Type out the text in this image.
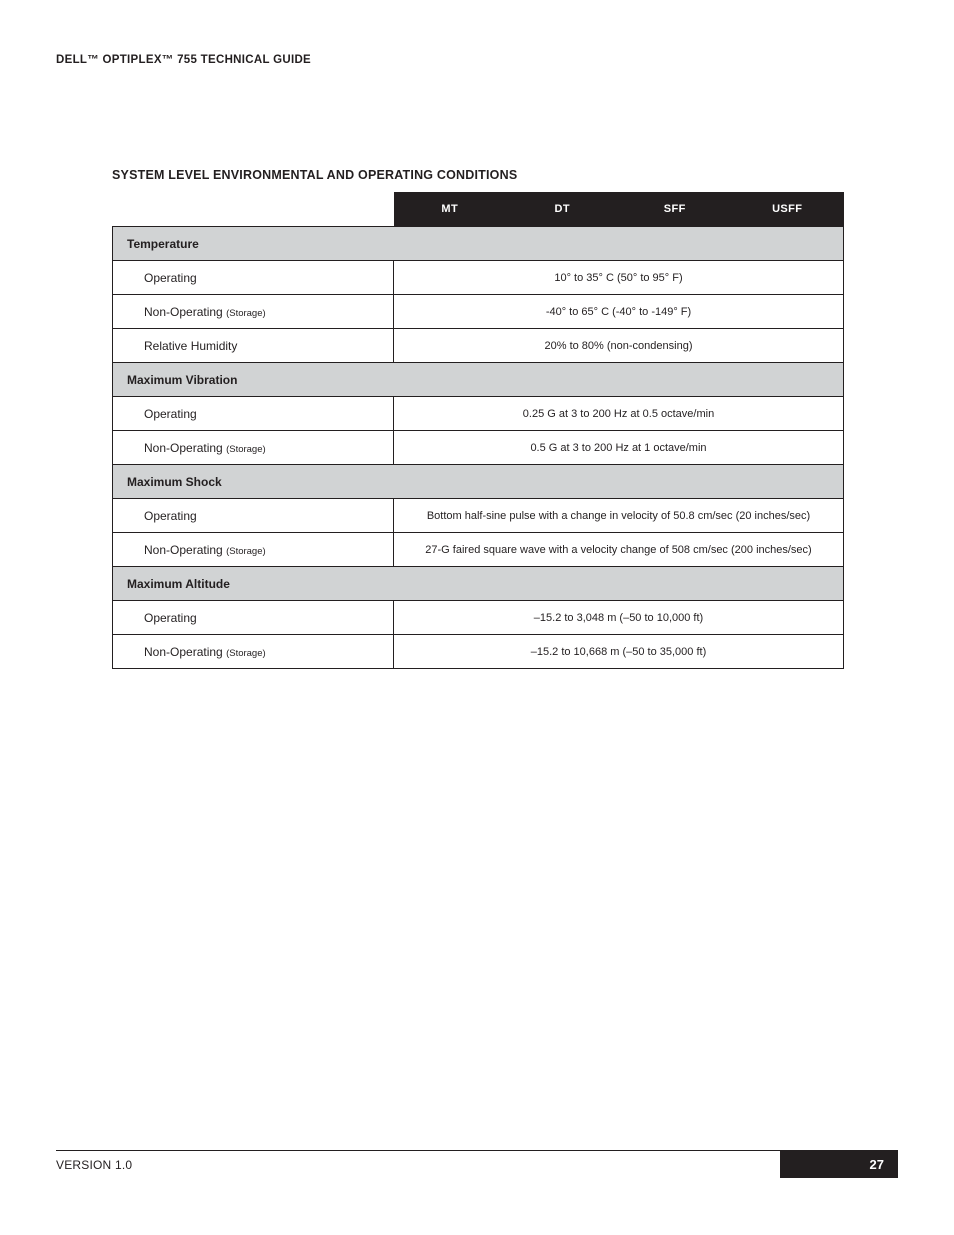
DELL™ OPTIPLEX™ 755 TECHNICAL GUIDE
SYSTEM LEVEL ENVIRONMENTAL AND OPERATING CONDITIONS

	MT DT SFF USFF

Temperature	
Operating	10° to 35° C (50° to 95° F)
Non-Operating (Storage)	-40° to 65° C (-40° to -149° F)
Relative Humidity	20% to 80% (non-condensing)
Maximum Vibration	
Operating	0.25 G at 3 to 200 Hz at 0.5 octave/min
Non-Operating (Storage)	0.5 G at 3 to 200 Hz at 1 octave/min
Maximum Shock	
Operating	Bottom half-sine pulse with a change in velocity of 50.8 cm/sec (20 inches/sec)
Non-Operating (Storage)	27-G faired square wave with a velocity change of 508 cm/sec (200 inches/sec)
Maximum Altitude	
Operating	–15.2 to 3,048 m (–50 to 10,000 ft)
Non-Operating (Storage)	–15.2 to 10,668 m (–50 to 35,000 ft)
VERSION 1.0	27
